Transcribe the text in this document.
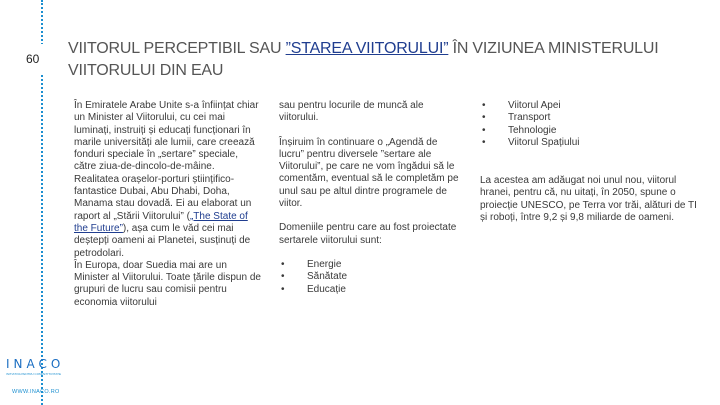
60
VIITORUL PERCEPTIBIL SAU ”STAREA VIITORULUI” ÎN VIZIUNEA MINISTERULUI VIITORULUI DIN EAU

În Emiratele Arabe Unite s-a înființat chiar un Minister al Viitorului, cu cei mai luminați, instruiți și educați funcționari în marile universități ale lumii, care creează fonduri speciale în „sertare” speciale, către ziua-de-dincolo-de-mâine. Realitatea orașelor-porturi științifico-fantastice Dubai, Abu Dhabi, Doha, Manama stau dovadă. Ei au elaborat un raport al „Stării Viitorului” („The State of the Future”), așa cum le văd cei mai deștepți oameni ai Planetei, susținuți de petrodolari.

În Europa, doar Suedia mai are un Minister al Viitorului. Toate țările dispun de grupuri de lucru sau comisii pentru economia viitorului

sau pentru locurile de muncă ale viitorului.

Înșiruim în continuare o „Agendă de lucru” pentru diversele ”sertare ale Viitorului”, pe care ne vom îngădui să le comentăm, eventual să le completăm pe unul sau pe altul dintre programele de viitor.

Domeniile pentru care au fost proiectate sertarele viitorului sunt:

• Energie
• Sănătate
• Educație
• Viitorul Apei
• Transport
• Tehnologie
• Viitorul Spațiului

La acestea am adăugat noi unul nou, viitorul hranei, pentru că, nu uitați, în 2050, spune o proiecție UNESCO, pe Terra vor trăi, alături de TI și roboți, între 9,2 și 9,8 miliarde de oameni.

INACO
INITIATIVA PENTRU COMPETITIVITATE
WWW.INACO.RO
